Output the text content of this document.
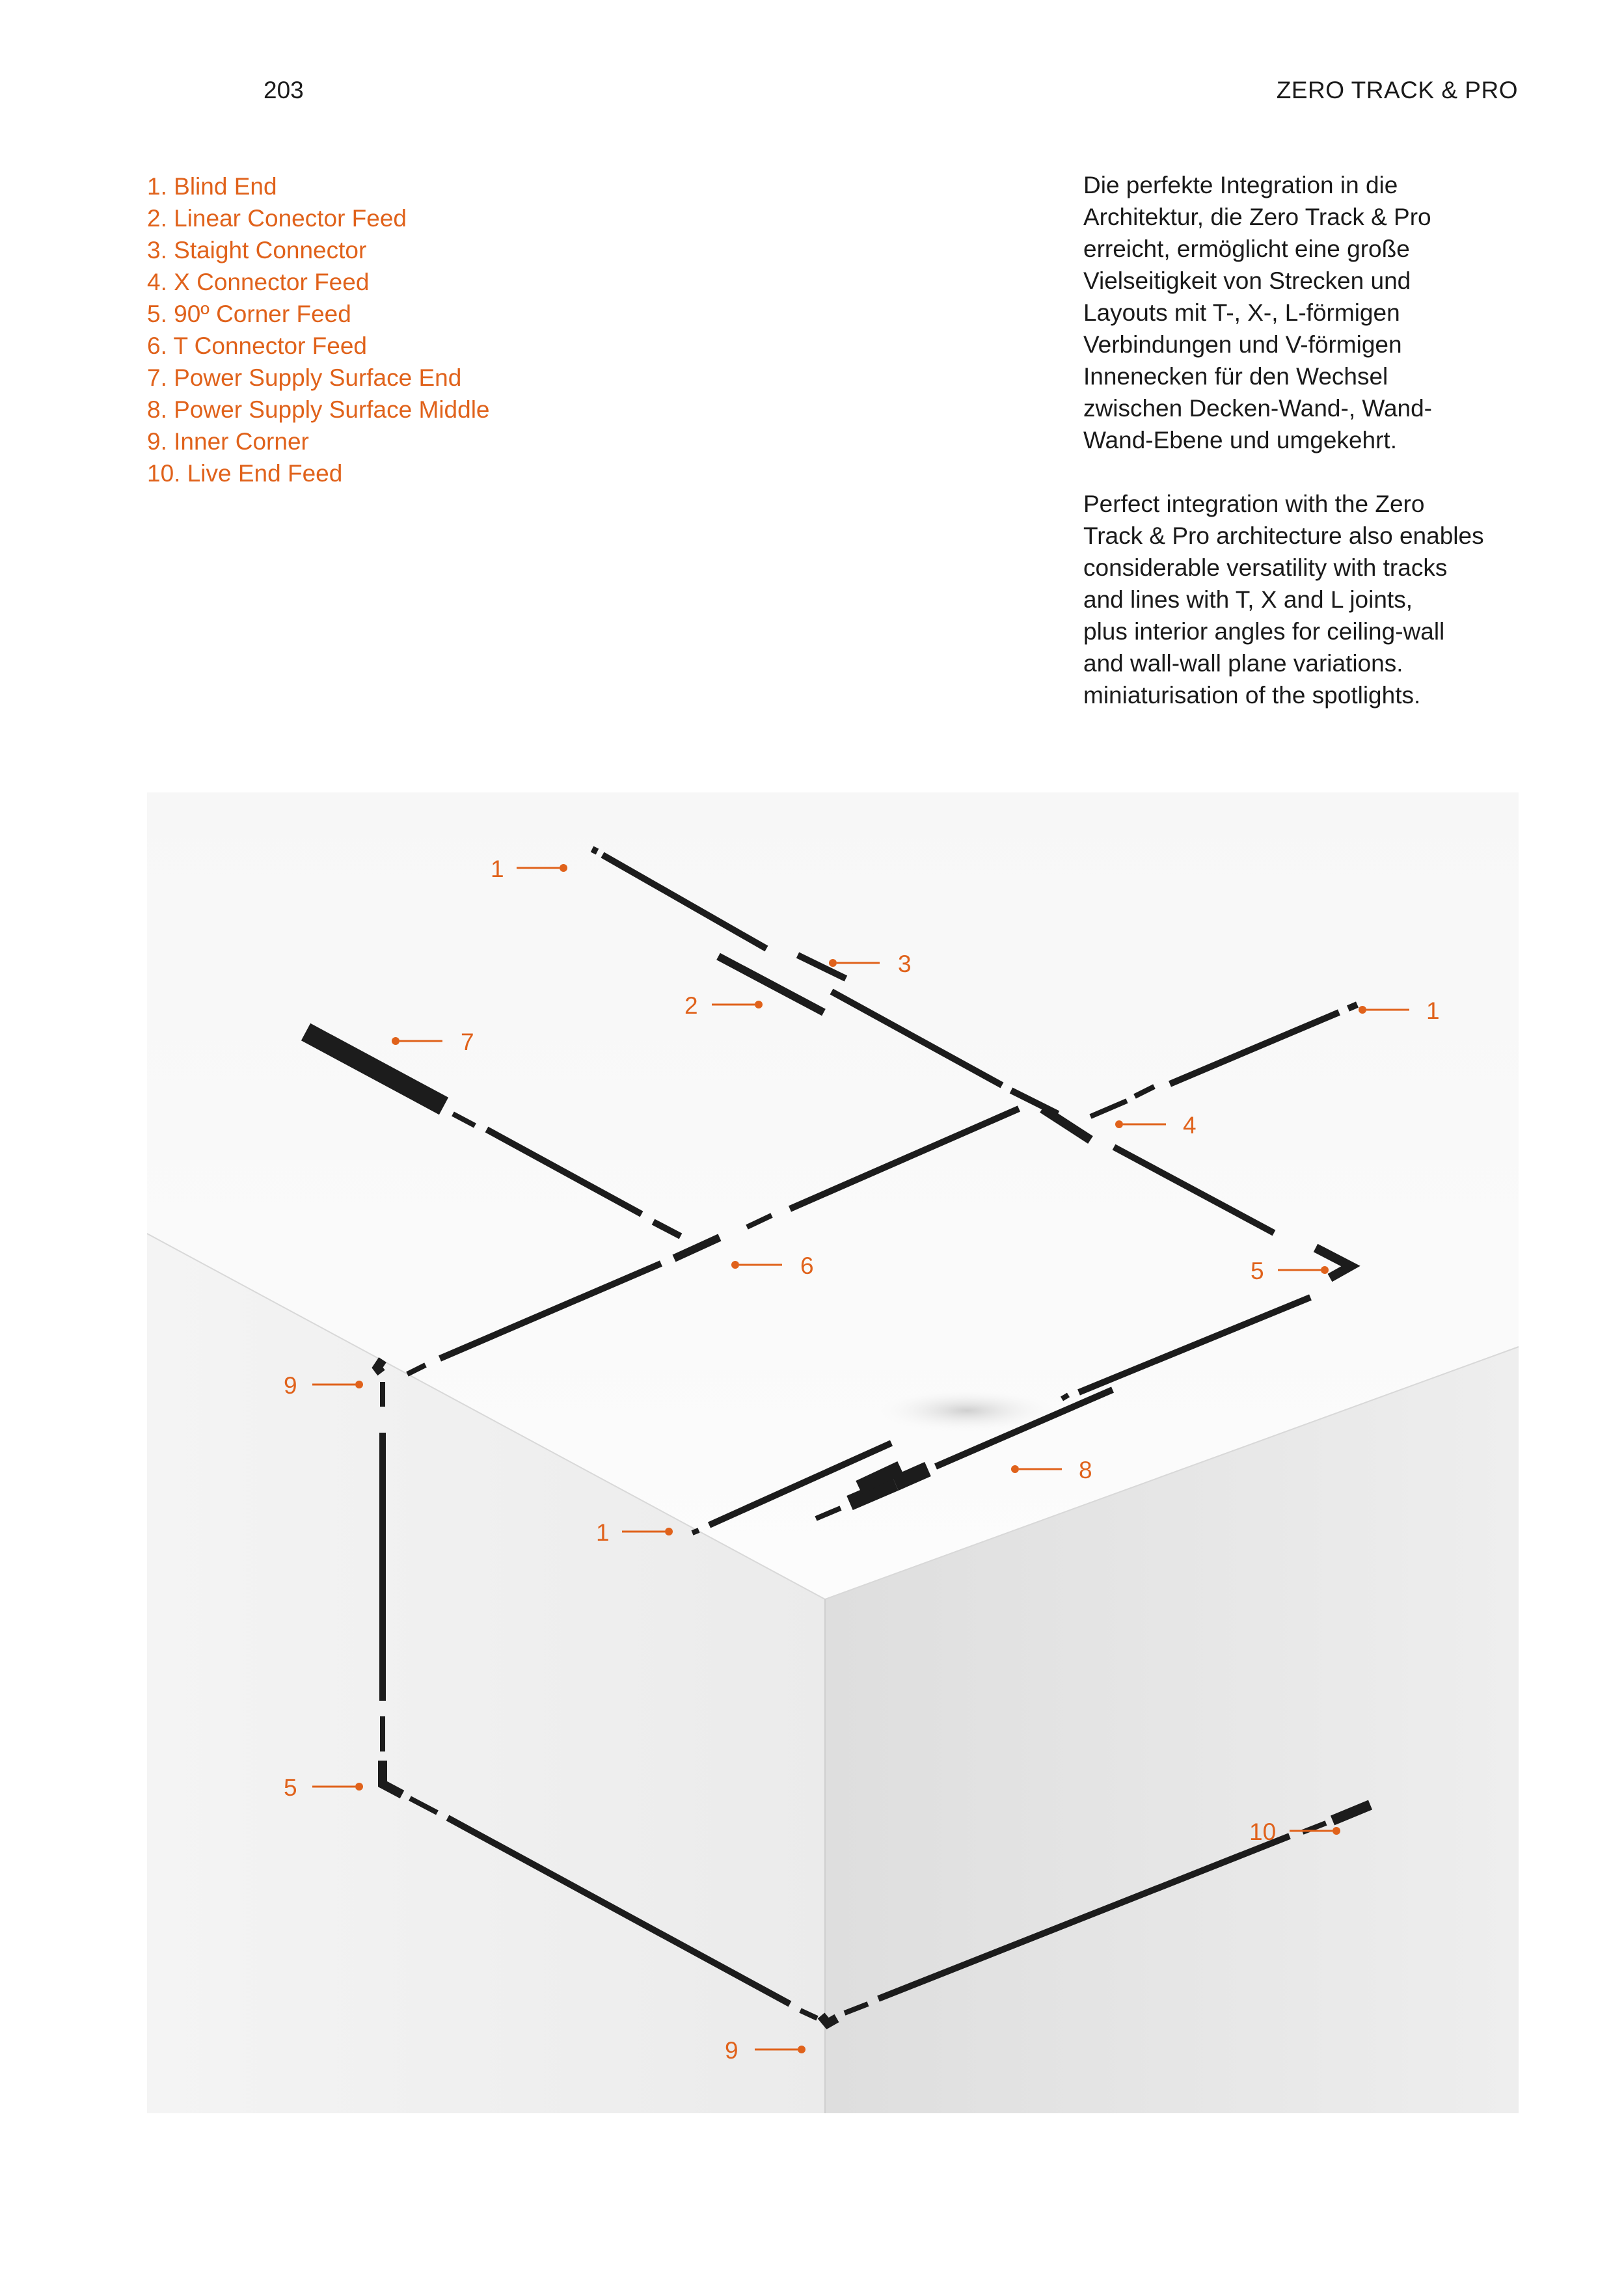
203	ZERO TRACK & PRO
1. Blind End
2. Linear Conector Feed
3. Staight Connector
4. X Connector Feed
5. 90º Corner Feed
6. T Connector Feed
7. Power Supply Surface End
8. Power Supply Surface Middle
9. Inner Corner
10. Live End Feed

Die perfekte Integration in die
Architektur, die Zero Track & Pro
erreicht, ermöglicht eine große
Vielseitigkeit von Strecken und
Layouts mit T-, X-, L-förmigen
Verbindungen und V-förmigen
Innenecken für den Wechsel
zwischen Decken-Wand-, Wand-
Wand-Ebene und umgekehrt.

Perfect integration with the Zero
Track & Pro architecture also enables
considerable versatility with tracks
and lines with T, X and L joints,
plus interior angles for ceiling-wall
and wall-wall plane variations.
miniaturisation of the spotlights.

1
3
2	1
7
4
6	5
9
8
1
5
10
9
